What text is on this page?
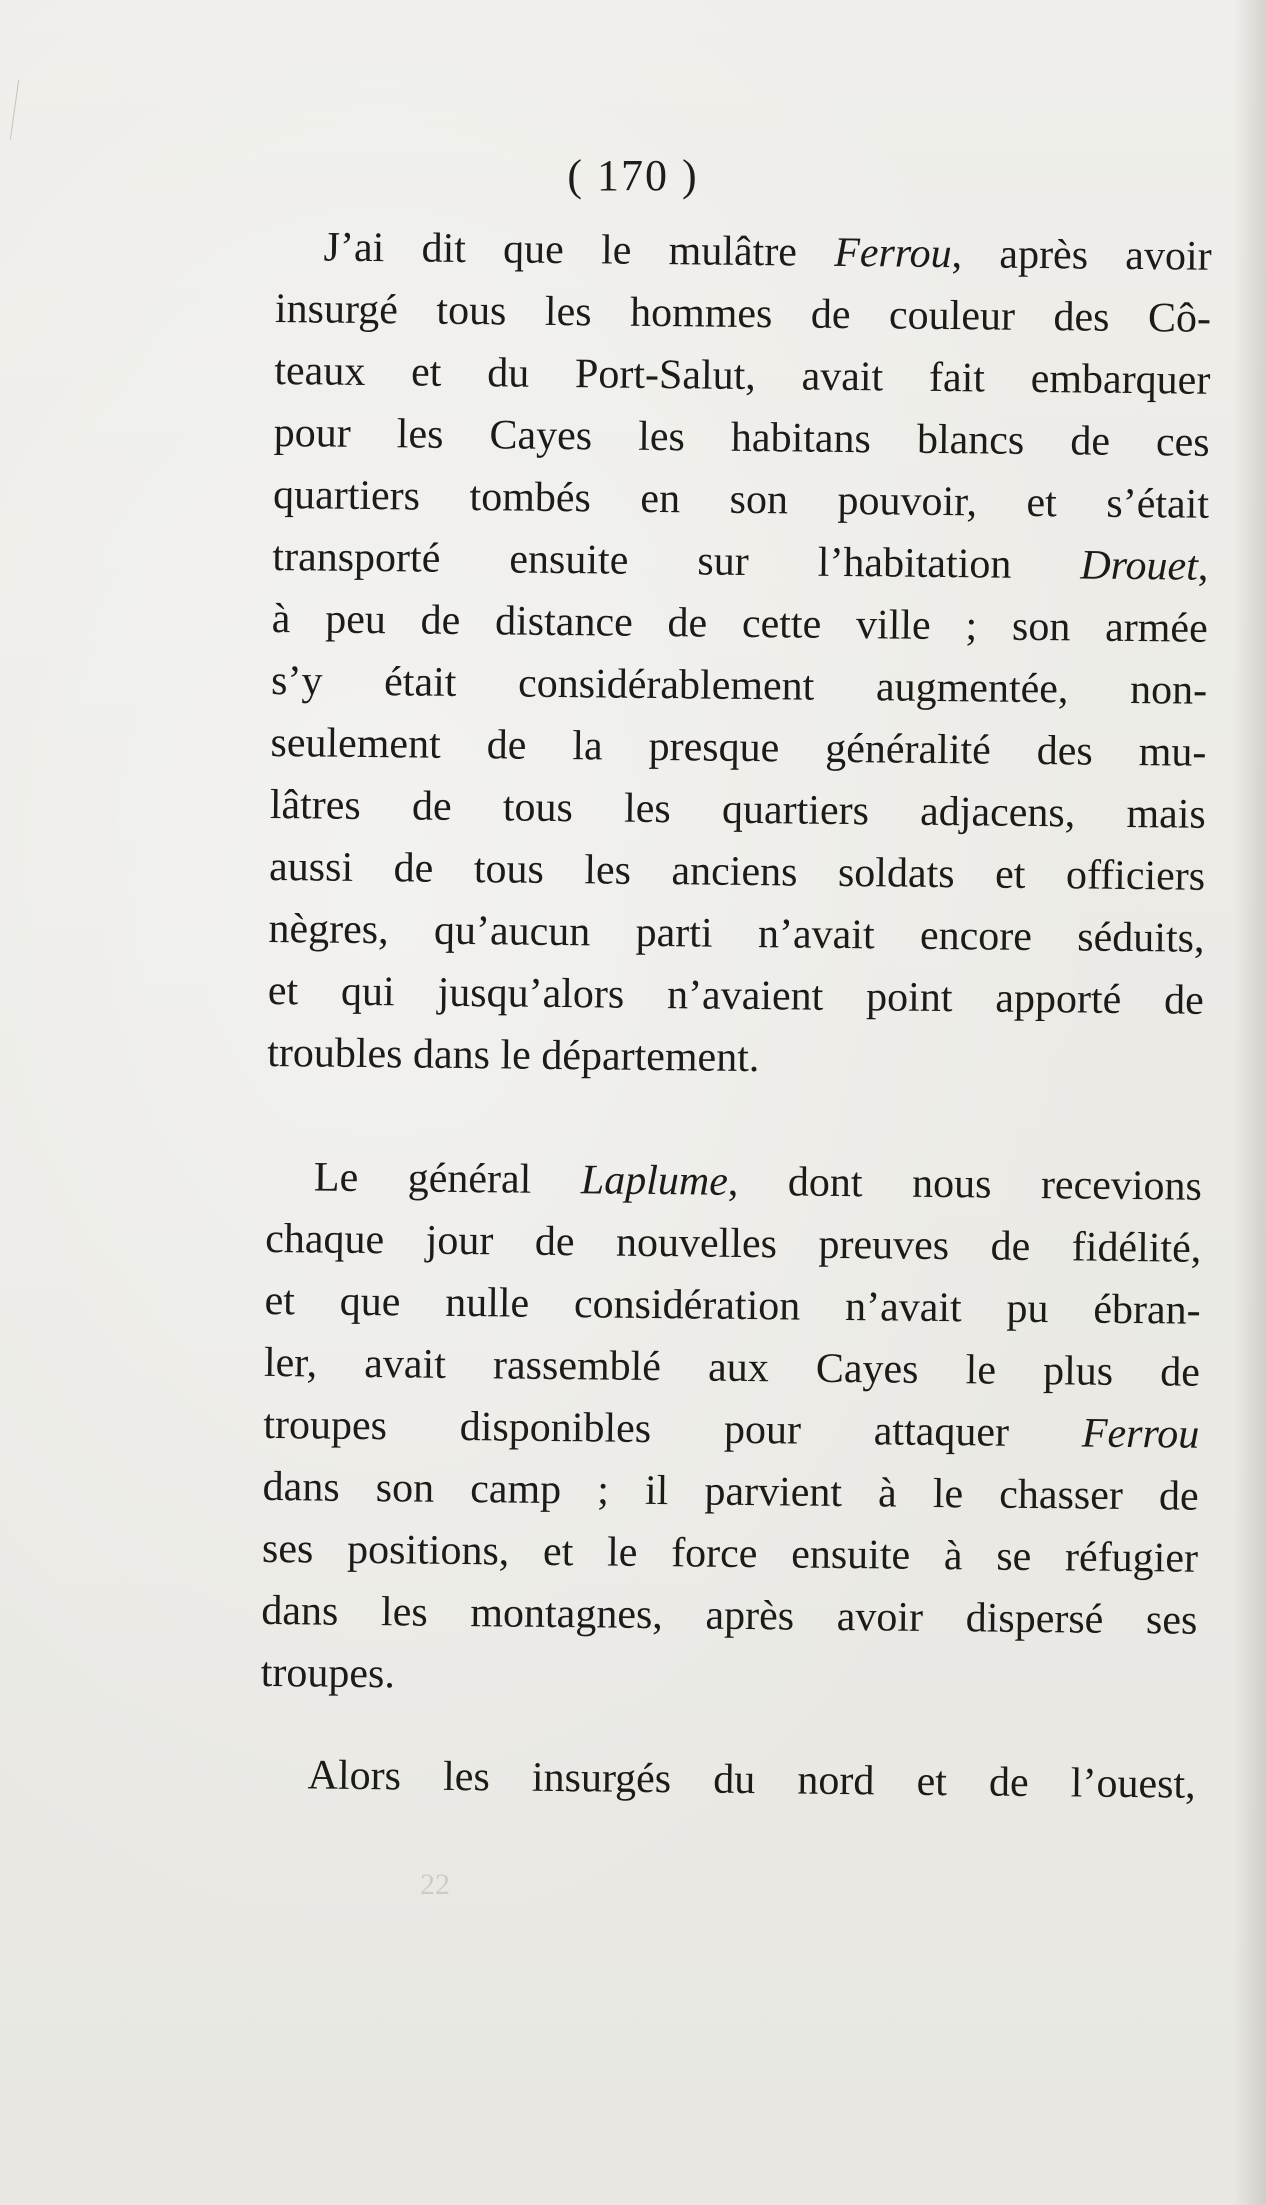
( 170 )
J’ai dit que le mulâtre Ferrou, après avoir
insurgé tous les hommes de couleur des Cô-
teaux et du Port-Salut, avait fait embarquer
pour les Cayes les habitans blancs de ces
quartiers tombés en son pouvoir, et s’était
transporté ensuite sur l’habitation Drouet,
à peu de distance de cette ville ; son armée
s’y était considérablement augmentée, non-
seulement de la presque généralité des mu-
lâtres de tous les quartiers adjacens, mais
aussi de tous les anciens soldats et officiers
nègres, qu’aucun parti n’avait encore séduits,
et qui jusqu’alors n’avaient point apporté de
troubles dans le département.
Le général Laplume, dont nous recevions
chaque jour de nouvelles preuves de fidélité,
et que nulle considération n’avait pu ébran-
ler, avait rassemblé aux Cayes le plus de
troupes disponibles pour attaquer Ferrou
dans son camp ; il parvient à le chasser de
ses positions, et le force ensuite à se réfugier
dans les montagnes, après avoir dispersé ses
troupes.
Alors les insurgés du nord et de l’ouest,
22
